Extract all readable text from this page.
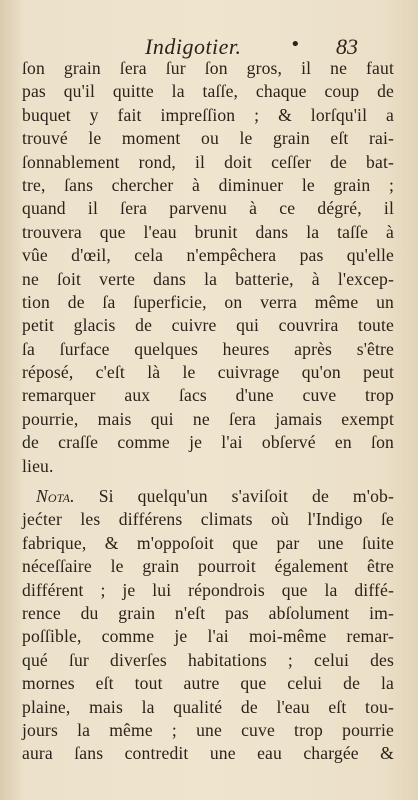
Indigotier.	• 83
ſon grain ſera ſur ſon gros, il ne faut
pas qu'il quitte la taſſe, chaque coup de
buquet y fait impreſſion ; & lorſqu'il a
trouvé le moment ou le grain eſt rai-
ſonnablement rond, il doit ceſſer de bat-
tre, ſans chercher à diminuer le grain ;
quand il ſera parvenu à ce dégré, il
trouvera que l'eau brunit dans la taſſe à
vûe d'œil, cela n'empêchera pas qu'elle
ne ſoit verte dans la batterie, à l'excep-
tion de ſa ſuperficie, on verra même un
petit glacis de cuivre qui couvrira toute
ſa ſurface quelques heures après s'être
réposé, c'eſt là le cuivrage qu'on peut
remarquer aux ſacs d'une cuve trop
pourrie, mais qui ne ſera jamais exempt
de craſſe comme je l'ai obſervé en ſon
lieu.
Nota. Si quelqu'un s'aviſoit de m'ob-
jećter les différens climats où l'Indigo ſe
fabrique, & m'oppoſoit que par une ſuite
néceſſaire le grain pourroit également être
différent ; je lui répondrois que la diffé-
rence du grain n'eſt pas abſolument im-
poſſible, comme je l'ai moi-même remar-
qué ſur diverſes habitations ; celui des
mornes eſt tout autre que celui de la
plaine, mais la qualité de l'eau eſt tou-
jours la même ; une cuve trop pourrie
aura ſans contredit une eau chargée &
